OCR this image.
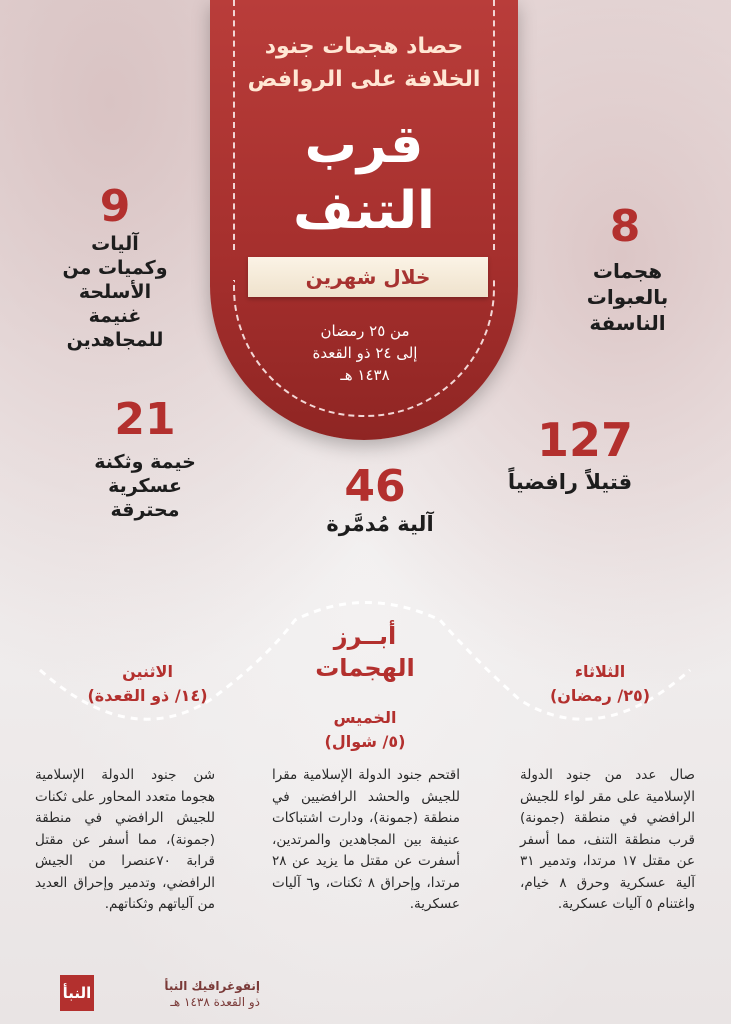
حصاد هجمات جنود
الخلافة على الروافض
قرب
التنف
خلال شهرين
من ٢٥ رمضان
إلى ٢٤ ذو القعدة
١٤٣٨ هـ
9
آليات
وكميات من
الأسلحة
غنيمة
للمجاهدين
8
هجمات
بالعبوات
الناسفة
21
خيمة وثكنة
عسكرية
محترقة
127
قتيلاً رافضياً
46
آلية مُدمَّرة
أبــرز
الهجمات	الثلاثاء
(٢٥/ رمضان)
صال عدد من جنود الدولة الإسلامية على مقر لواء للجيش الرافضي في منطقة (جمونة) قرب منطقة التنف، مما أسفر عن مقتل ١٧ مرتدا، وتدمير ٣١ آلية عسكرية وحرق ٨ خيام، واغتنام ٥ آليات عسكرية.
الخميس
(٥/ شوال)
اقتحم جنود الدولة الإسلامية مقرا للجيش والحشد الرافضيين في منطقة (جمونة)، ودارت اشتباكات عنيفة بين المجاهدين والمرتدين، أسفرت عن مقتل ما يزيد عن ٢٨ مرتدا، وإحراق ٨ ثكنات، و٦ آليات عسكرية.
الاثنين
(١٤/ ذو القعدة)
شن جنود الدولة الإسلامية هجوما متعدد المحاور على ثكنات للجيش الرافضي في منطقة (جمونة)، مما أسفر عن مقتل قرابة ٧٠عنصرا من الجيش الرافضي، وتدمير وإحراق العديد من آلياتهم وثكناتهم.
النبأ	إنفوغرافيك النبأ
ذو القعدة ١٤٣٨ هـ
